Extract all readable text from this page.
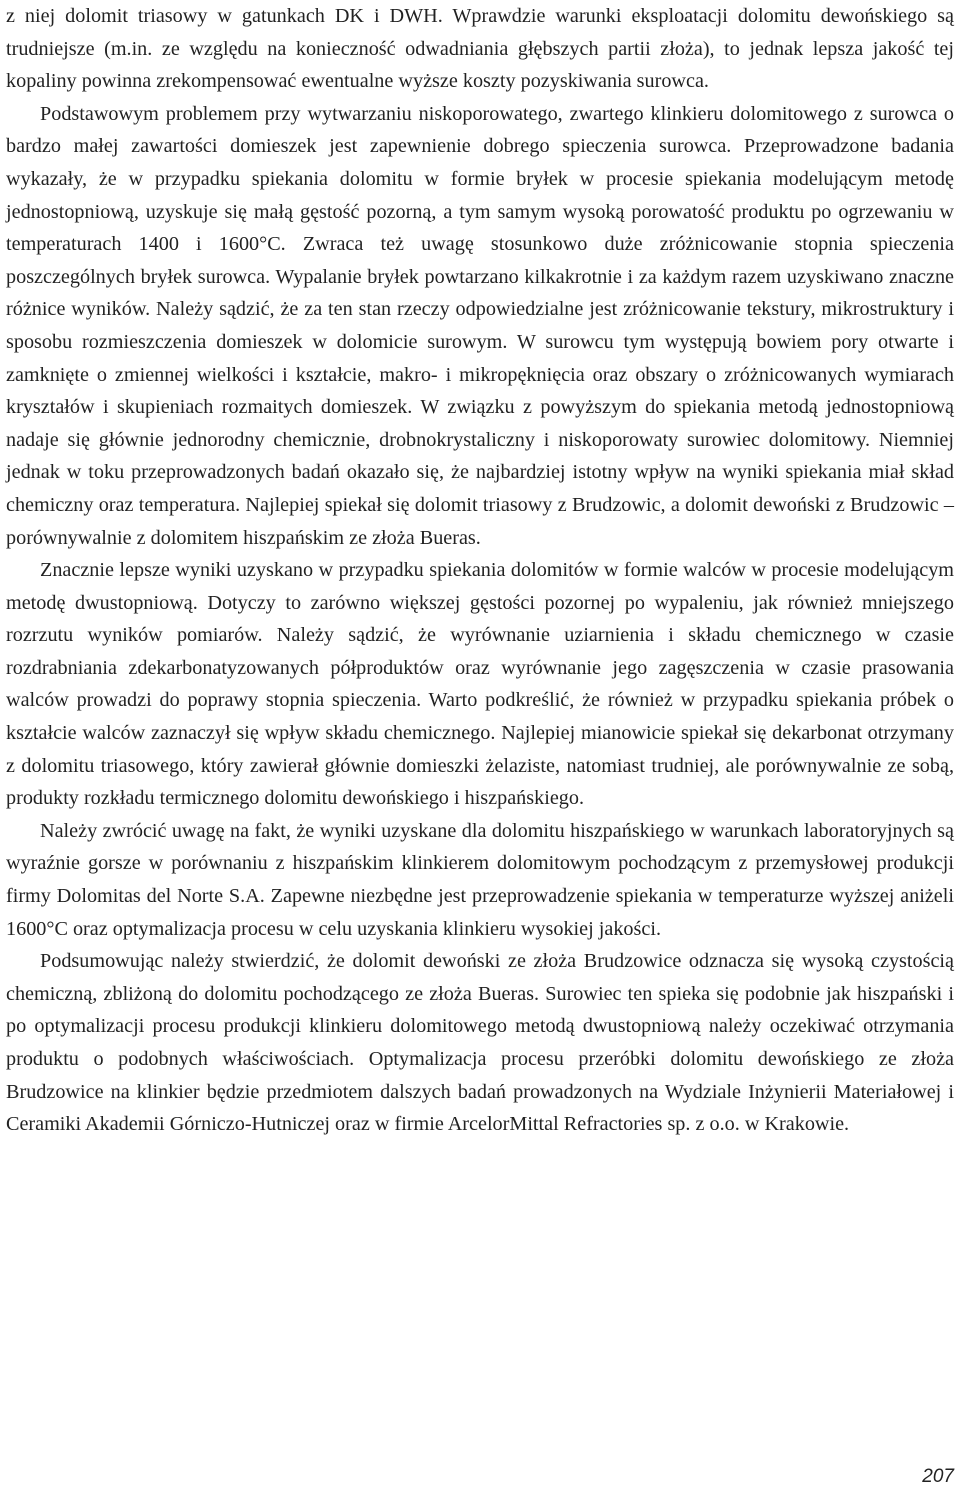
z niej dolomit triasowy w gatunkach DK i DWH. Wprawdzie warunki eksploatacji dolomitu dewońskiego są trudniejsze (m.in. ze względu na konieczność odwadniania głębszych partii złoża), to jednak lepsza jakość tej kopaliny powinna zrekompensować ewentualne wyższe koszty pozyskiwania surowca.

Podstawowym problemem przy wytwarzaniu niskoporowatego, zwartego klinkieru dolomitowego z surowca o bardzo małej zawartości domieszek jest zapewnienie dobrego spieczenia surowca. Przeprowadzone badania wykazały, że w przypadku spiekania dolomitu w formie bryłek w procesie spiekania modelującym metodę jednostopniową, uzyskuje się małą gęstość pozorną, a tym samym wysoką porowatość produktu po ogrzewaniu w temperaturach 1400 i 1600°C. Zwraca też uwagę stosunkowo duże zróżnicowanie stopnia spieczenia poszczególnych bryłek surowca. Wypalanie bryłek powtarzano kilkakrotnie i za każdym razem uzyskiwano znaczne różnice wyników. Należy sądzić, że za ten stan rzeczy odpowiedzialne jest zróżnicowanie tekstury, mikrostruktury i sposobu rozmieszczenia domieszek w dolomicie surowym. W surowcu tym występują bowiem pory otwarte i zamknięte o zmiennej wielkości i kształcie, makro- i mikropęknięcia oraz obszary o zróżnicowanych wymiarach kryształów i skupieniach rozmaitych domieszek. W związku z powyższym do spiekania metodą jednostopniową nadaje się głównie jednorodny chemicznie, drobnokrystaliczny i niskoporowaty surowiec dolomitowy. Niemniej jednak w toku przeprowadzonych badań okazało się, że najbardziej istotny wpływ na wyniki spiekania miał skład chemiczny oraz temperatura. Najlepiej spiekał się dolomit triasowy z Brudzowic, a dolomit dewoński z Brudzowic – porównywalnie z dolomitem hiszpańskim ze złoża Bueras.

Znacznie lepsze wyniki uzyskano w przypadku spiekania dolomitów w formie walców w procesie modelującym metodę dwustopniową. Dotyczy to zarówno większej gęstości pozornej po wypaleniu, jak również mniejszego rozrzutu wyników pomiarów. Należy sądzić, że wyrównanie uziarnienia i składu chemicznego w czasie rozdrabniania zdekarbonatyzowanych półproduktów oraz wyrównanie jego zagęszczenia w czasie prasowania walców prowadzi do poprawy stopnia spieczenia. Warto podkreślić, że również w przypadku spiekania próbek o kształcie walców zaznaczył się wpływ składu chemicznego. Najlepiej mianowicie spiekał się dekarbonat otrzymany z dolomitu triasowego, który zawierał głównie domieszki żelaziste, natomiast trudniej, ale porównywalnie ze sobą, produkty rozkładu termicznego dolomitu dewońskiego i hiszpańskiego.

Należy zwrócić uwagę na fakt, że wyniki uzyskane dla dolomitu hiszpańskiego w warunkach laboratoryjnych są wyraźnie gorsze w porównaniu z hiszpańskim klinkierem dolomitowym pochodzącym z przemysłowej produkcji firmy Dolomitas del Norte S.A. Zapewne niezbędne jest przeprowadzenie spiekania w temperaturze wyższej aniżeli 1600°C oraz optymalizacja procesu w celu uzyskania klinkieru wysokiej jakości.

Podsumowując należy stwierdzić, że dolomit dewoński ze złoża Brudzowice odznacza się wysoką czystością chemiczną, zbliżoną do dolomitu pochodzącego ze złoża Bueras. Surowiec ten spieka się podobnie jak hiszpański i po optymalizacji procesu produkcji klinkieru dolomitowego metodą dwustopniową należy oczekiwać otrzymania produktu o podobnych właściwościach. Optymalizacja procesu przeróbki dolomitu dewońskiego ze złoża Brudzowice na klinkier będzie przedmiotem dalszych badań prowadzonych na Wydziale Inżynierii Materiałowej i Ceramiki Akademii Górniczo-Hutniczej oraz w firmie ArcelorMittal Refractories sp. z o.o. w Krakowie.

207
